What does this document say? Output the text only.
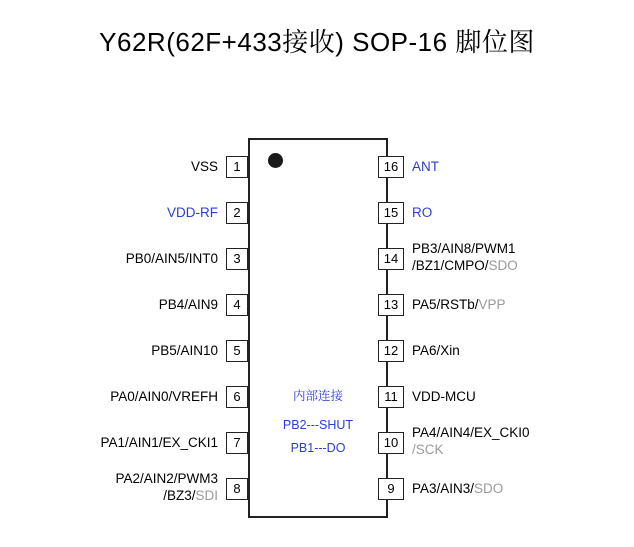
Y62R(62F+433接收) SOP-16 脚位图
内部连接
PB2---SHUT
PB1---DO
1
2
3
4
5
6
7
8
16
15
14
13
12
11
10
9
VSS
VDD-RF
PB0/AIN5/INT0
PB4/AIN9
PB5/AIN10
PA0/AIN0/VREFH
PA1/AIN1/EX_CKI1
PA2/AIN2/PWM3
/BZ3/SDI
ANT
RO
PB3/AIN8/PWM1
/BZ1/CMPO/SDO
PA5/RSTb/VPP
PA6/Xin
VDD-MCU
PA4/AIN4/EX_CKI0
/SCK
PA3/AIN3/SDO
